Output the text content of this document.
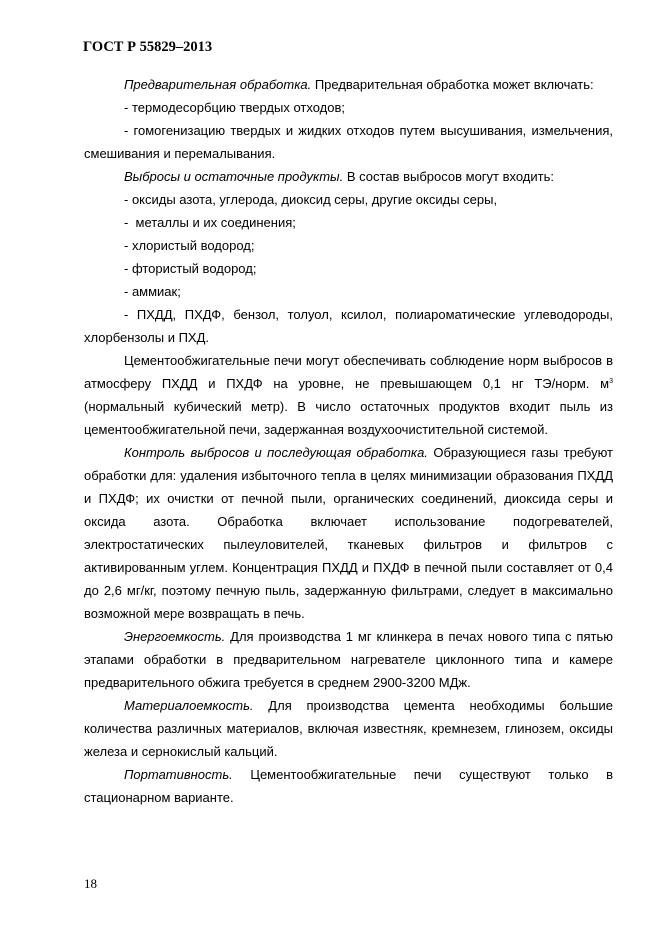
ГОСТ Р 55829–2013

Предварительная обработка. Предварительная обработка может включать:

- термодесорбцию твердых отходов;

- гомогенизацию твердых и жидких отходов путем высушивания, измельчения, смешивания и перемалывания.

Выбросы и остаточные продукты. В состав выбросов могут входить:

- оксиды азота, углерода, диоксид серы, другие оксиды серы,

-  металлы и их соединения;

- хлористый водород;

- фтористый водород;

- аммиак;

- ПХДД, ПХДФ, бензол, толуол, ксилол, полиароматические углеводороды, хлорбензолы и ПХД.

Цементообжигательные печи могут обеспечивать соблюдение норм выбросов в атмосферу ПХДД и ПХДФ на уровне, не превышающем 0,1 нг ТЭ/норм. $м^3$ (нормальный кубический метр). В число остаточных продуктов входит пыль из цементообжигательной печи, задержанная воздухоочистительной системой.

Контроль выбросов и последующая обработка. Образующиеся газы требуют обработки для: удаления избыточного тепла в целях минимизации образования ПХДД и ПХДФ; их очистки от печной пыли, органических соединений, диоксида серы и оксида азота. Обработка включает использование подогревателей, электростатических пылеуловителей, тканевых фильтров и фильтров с активированным углем. Концентрация ПХДД и ПХДФ в печной пыли составляет от 0,4 до 2,6 мг/кг, поэтому печную пыль, задержанную фильтрами, следует в максимально возможной мере возвращать в печь.

Энергоемкость. Для производства 1 мг клинкера в печах нового типа с пятью этапами обработки в предварительном нагревателе циклонного типа и камере предварительного обжига требуется в среднем 2900-3200 МДж.

Материалоемкость. Для производства цемента необходимы большие количества различных материалов, включая известняк, кремнезем, глинозем, оксиды железа и сернокислый кальций.

Портативность. Цементообжигательные печи существуют только в стационарном варианте.

18
